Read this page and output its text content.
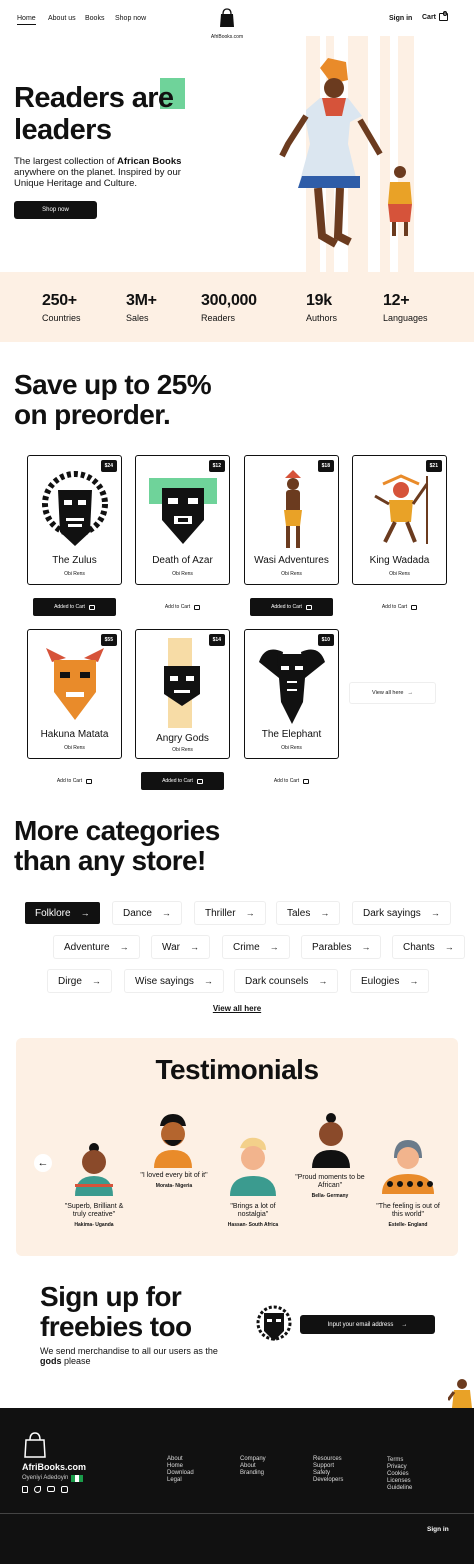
Home About us Books Shop now
AfriBooks.com
Sign in Cart 0
Readers are
leaders
The largest collection of African Books anywhere on the planet. Inspired by our Unique Heritage and Culture.
Shop now
250+
Countries
3M+
Sales
300,000
Readers
19k
Authors
12+
Languages
Save up to 25%
on preorder.
$24
The Zulus
Obi Rens
$12
Death of Azar
Obi Rens
$18
Wasi Adventures
Obi Rens
$21
King Wadada
Obi Rens
Added to Cart	Add to Cart	Added to Cart	Add to Cart
$55
Hakuna Matata
Obi Rens
$14
Angry Gods
Obi Rens
$10
The Elephant
Obi Rens
View all here →
Add to Cart	Added to Cart	Add to Cart
More categories
than any store!
Folklore →	Dance →	Thriller →	Tales →	Dark sayings →
Adventure →	War →	Crime →	Parables →	Chants →
Dirge →	Wise sayings →	Dark counsels →	Eulogies →
View all here
Testimonials
←
"Superb, Brilliant & truly creative"
Hakima- Uganda
"I loved every bit of it"
Morata- Nigeria
"Brings a lot of nostalgia"
Hassan- South Africa
"Proud moments to be African"
Bella- Germany
"The feeling is out of this world"
Estelle- England
Sign up for
freebies too
We send merchandise to all our users as the gods please
Input your email address →
AfriBooks.com
Oyeniyi Adedoyin
About
Home
Download
Legal
Company
About
Branding
Resources
Support
Safety
Developers
Terms
Privacy
Cookies
Licenses
Guideline
Sign in
